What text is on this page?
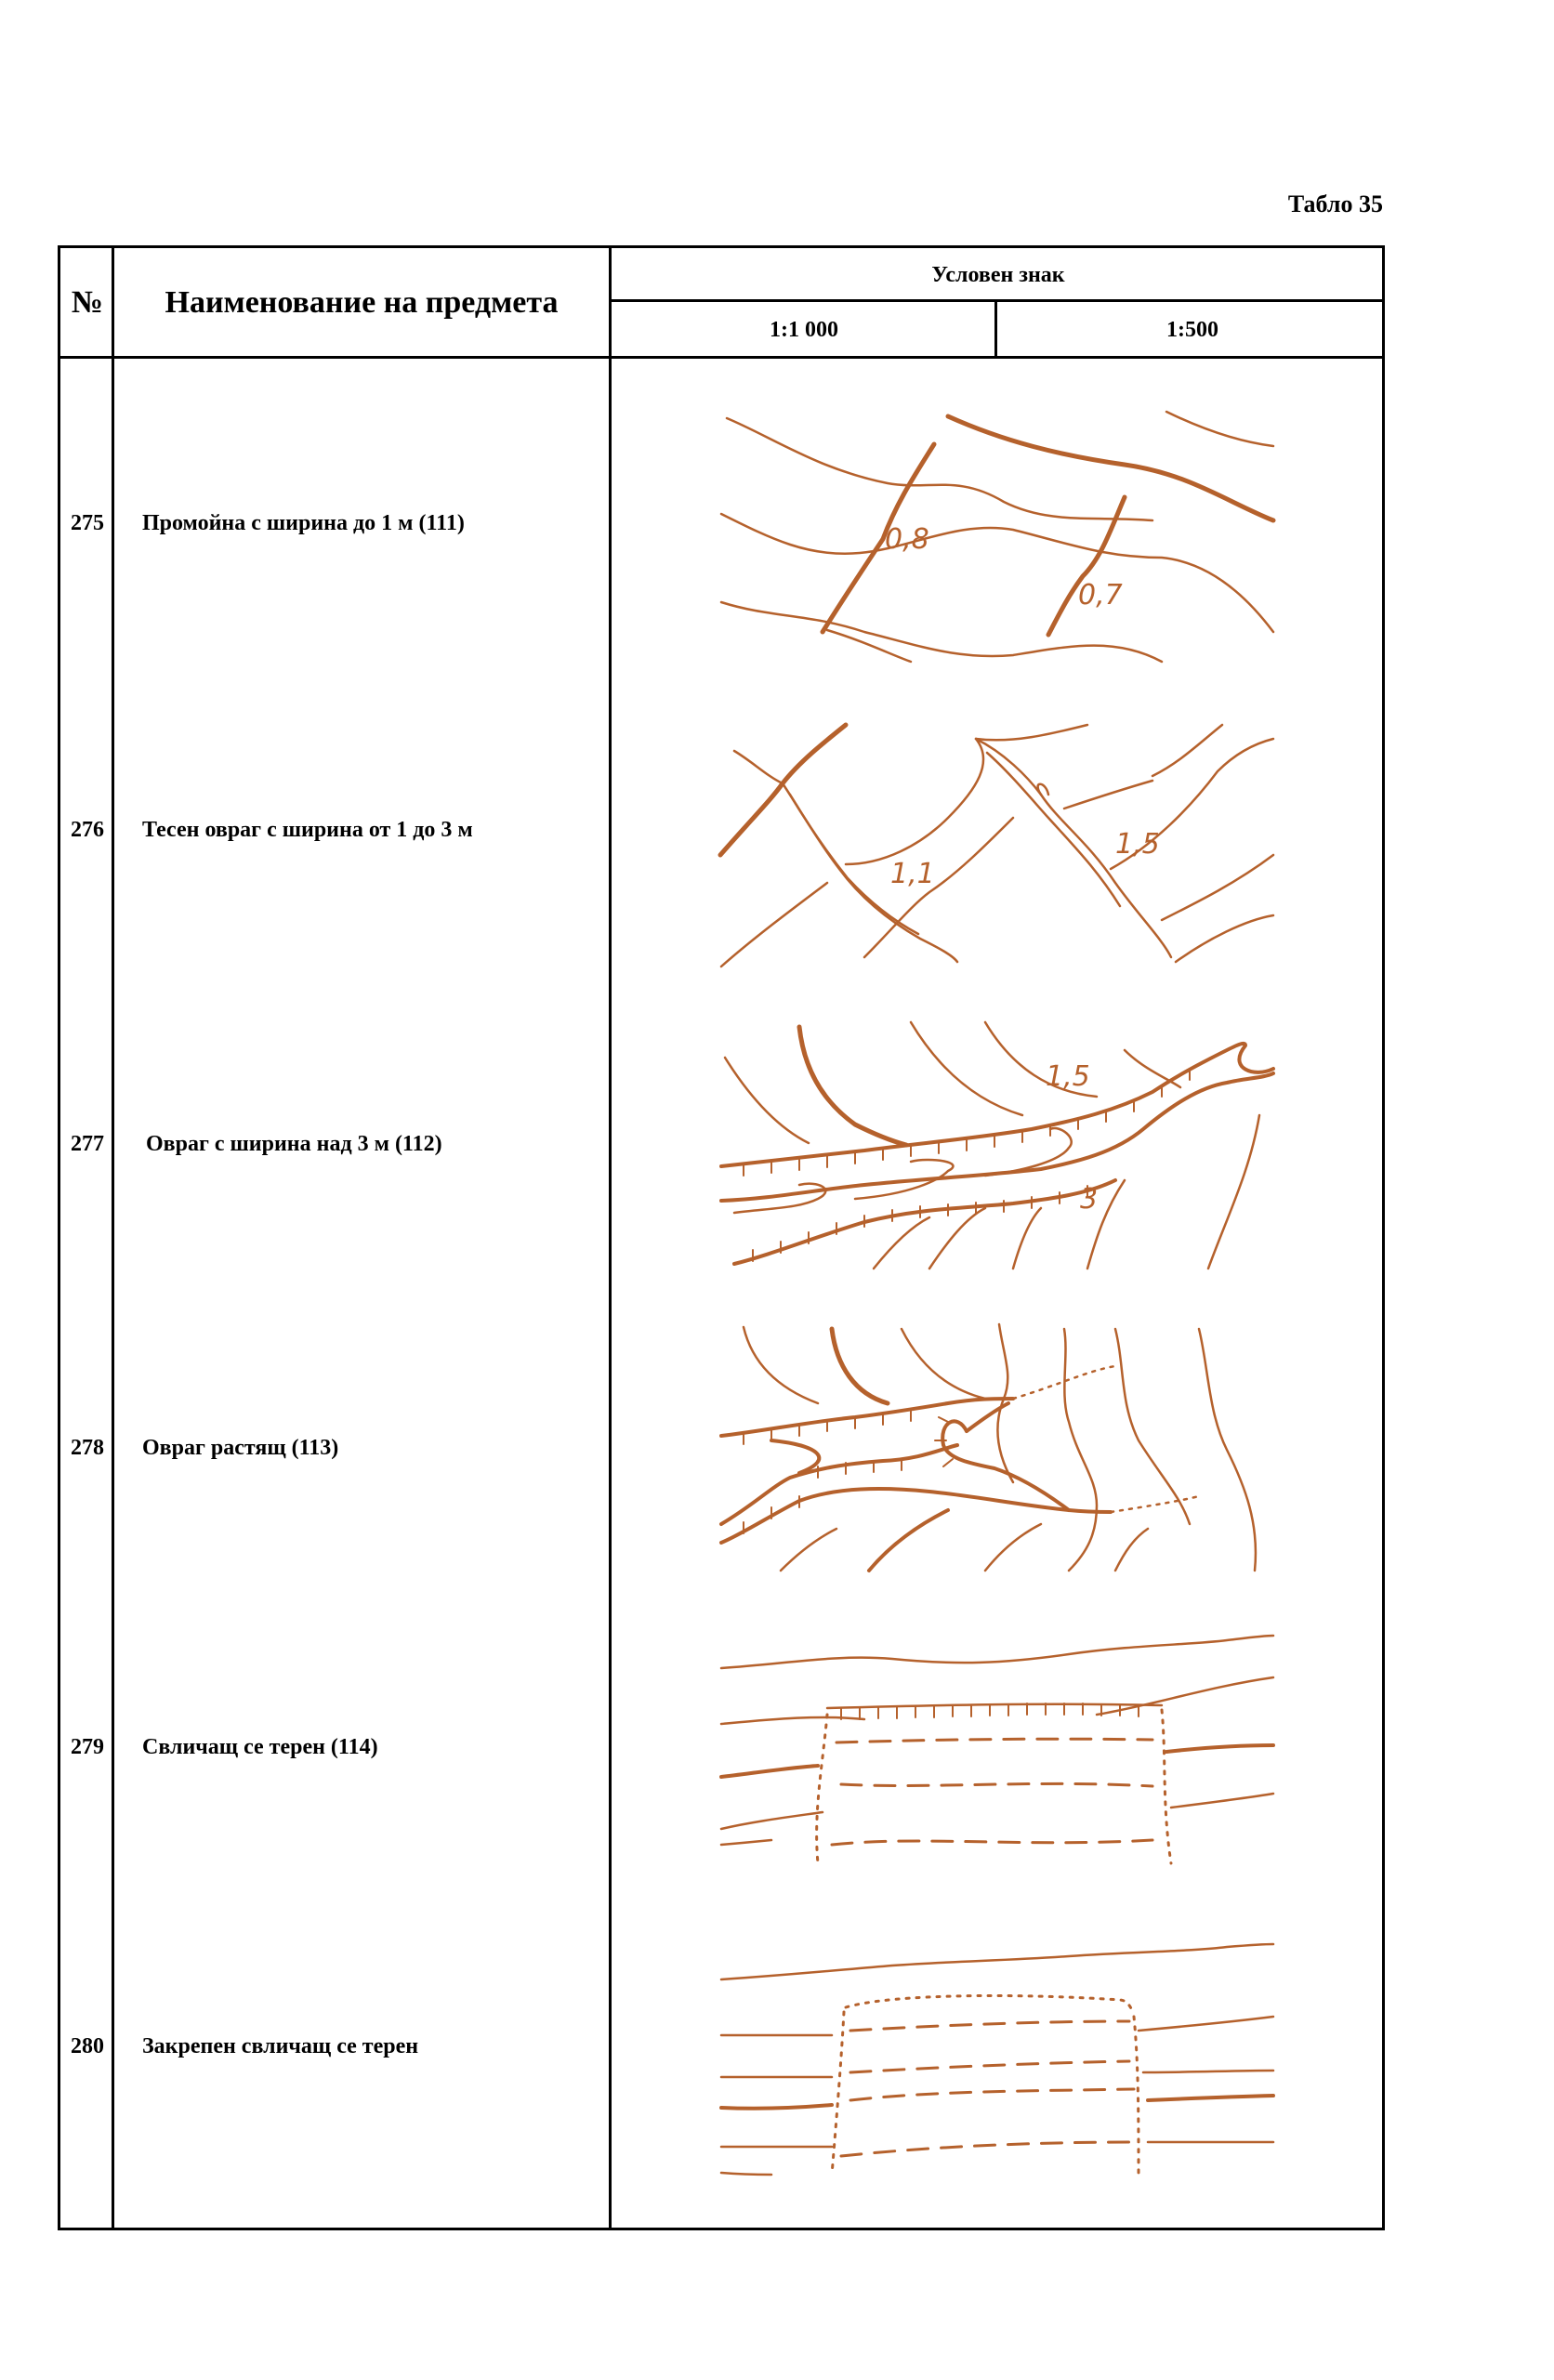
Табло 35
№	Наименование на предмета
Условен знак
1:1 000	1:500
275	Промойна с ширина до 1 м (111)
276	Тесен овраг с ширина от 1 до 3 м
277	Овраг с ширина над 3 м (112)
278	Овраг растящ (113)
279	Свличащ се терен (114)
280	Закрепен свличащ се терен
0,8
0,7
1,1
1,5
1,5
3
